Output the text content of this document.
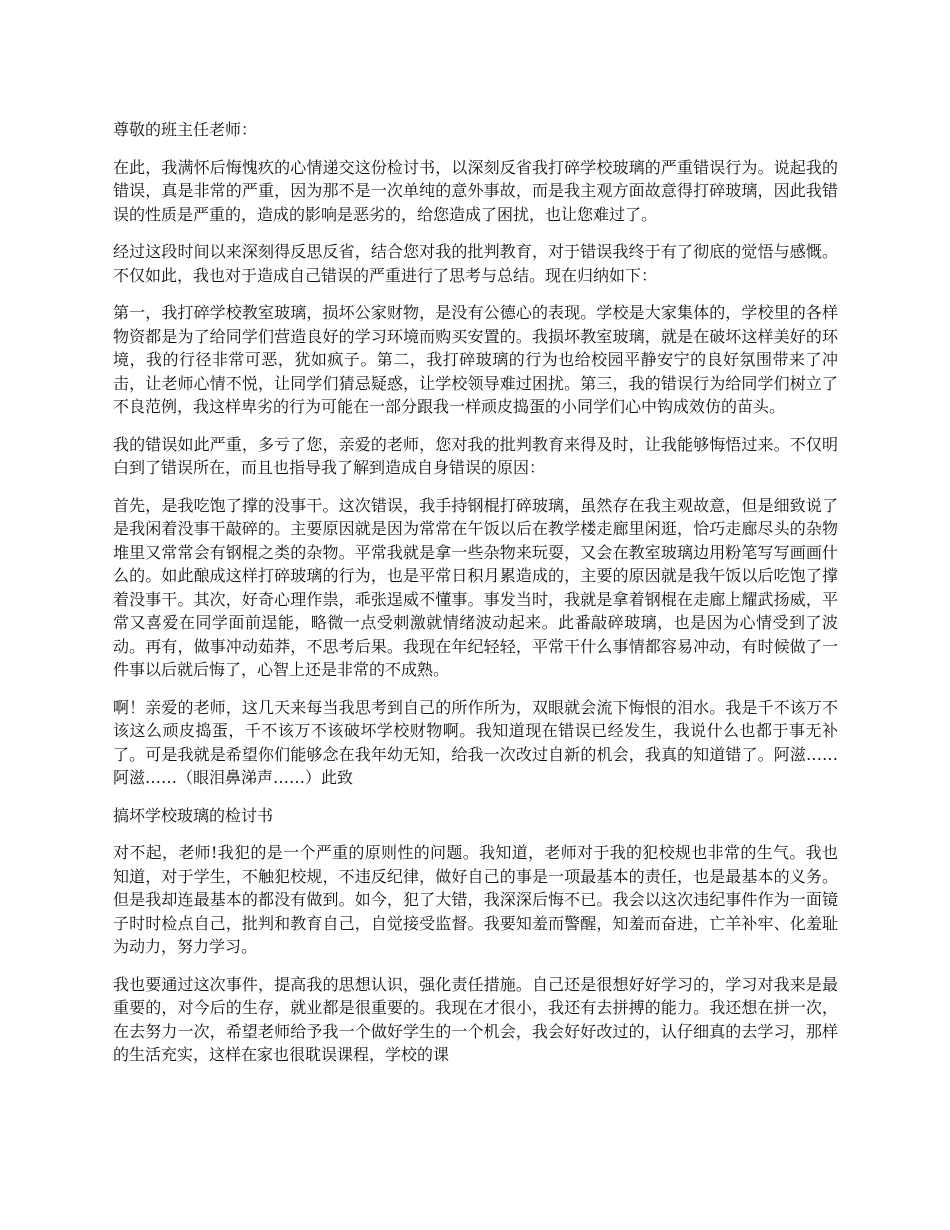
尊敬的班主任老师：

在此，我满怀后悔愧疚的心情递交这份检讨书，以深刻反省我打碎学校玻璃的严重错误行为。说起我的错误，真是非常的严重，因为那不是一次单纯的意外事故，而是我主观方面故意得打碎玻璃，因此我错误的性质是严重的，造成的影响是恶劣的，给您造成了困扰，也让您难过了。

经过这段时间以来深刻得反思反省，结合您对我的批判教育，对于错误我终于有了彻底的觉悟与感慨。不仅如此，我也对于造成自己错误的严重进行了思考与总结。现在归纳如下：

第一，我打碎学校教室玻璃，损坏公家财物，是没有公德心的表现。学校是大家集体的，学校里的各样物资都是为了给同学们营造良好的学习环境而购买安置的。我损坏教室玻璃，就是在破坏这样美好的环境，我的行径非常可恶，犹如疯子。第二，我打碎玻璃的行为也给校园平静安宁的良好氛围带来了冲击，让老师心情不悦，让同学们猜忌疑惑，让学校领导难过困扰。第三，我的错误行为给同学们树立了不良范例，我这样卑劣的行为可能在一部分跟我一样顽皮捣蛋的小同学们心中钩成效仿的苗头。

我的错误如此严重，多亏了您，亲爱的老师，您对我的批判教育来得及时，让我能够悔悟过来。不仅明白到了错误所在，而且也指导我了解到造成自身错误的原因：

首先，是我吃饱了撑的没事干。这次错误，我手持钢棍打碎玻璃，虽然存在我主观故意，但是细致说了是我闲着没事干敲碎的。主要原因就是因为常常在午饭以后在教学楼走廊里闲逛，恰巧走廊尽头的杂物堆里又常常会有钢棍之类的杂物。平常我就是拿一些杂物来玩耍，又会在教室玻璃边用粉笔写写画画什么的。如此酿成这样打碎玻璃的行为，也是平常日积月累造成的，主要的原因就是我午饭以后吃饱了撑着没事干。其次，好奇心理作祟，乖张逞威不懂事。事发当时，我就是拿着钢棍在走廊上耀武扬威，平常又喜爱在同学面前逞能，略微一点受刺激就情绪波动起来。此番敲碎玻璃，也是因为心情受到了波动。再有，做事冲动茹莽，不思考后果。我现在年纪轻轻，平常干什么事情都容易冲动，有时候做了一件事以后就后悔了，心智上还是非常的不成熟。

啊！亲爱的老师，这几天来每当我思考到自己的所作所为，双眼就会流下悔恨的泪水。我是千不该万不该这么顽皮捣蛋，千不该万不该破坏学校财物啊。我知道现在错误已经发生，我说什么也都于事无补了。可是我就是希望你们能够念在我年幼无知，给我一次改过自新的机会，我真的知道错了。阿滋……阿滋……（眼泪鼻涕声……）此致

搞坏学校玻璃的检讨书

对不起，老师!我犯的是一个严重的原则性的问题。我知道，老师对于我的犯校规也非常的生气。我也知道，对于学生，不触犯校规，不违反纪律，做好自己的事是一项最基本的责任，也是最基本的义务。但是我却连最基本的都没有做到。如今，犯了大错，我深深后悔不已。我会以这次违纪事件作为一面镜子时时检点自己，批判和教育自己，自觉接受监督。我要知羞而警醒，知羞而奋进，亡羊补牢、化羞耻为动力，努力学习。

我也要通过这次事件，提高我的思想认识，强化责任措施。自己还是很想好好学习的，学习对我来是最重要的，对今后的生存，就业都是很重要的。我现在才很小，我还有去拼搏的能力。我还想在拼一次，在去努力一次，希望老师给予我一个做好学生的一个机会，我会好好改过的，认仔细真的去学习，那样的生活充实，这样在家也很耽误课程，学校的课
